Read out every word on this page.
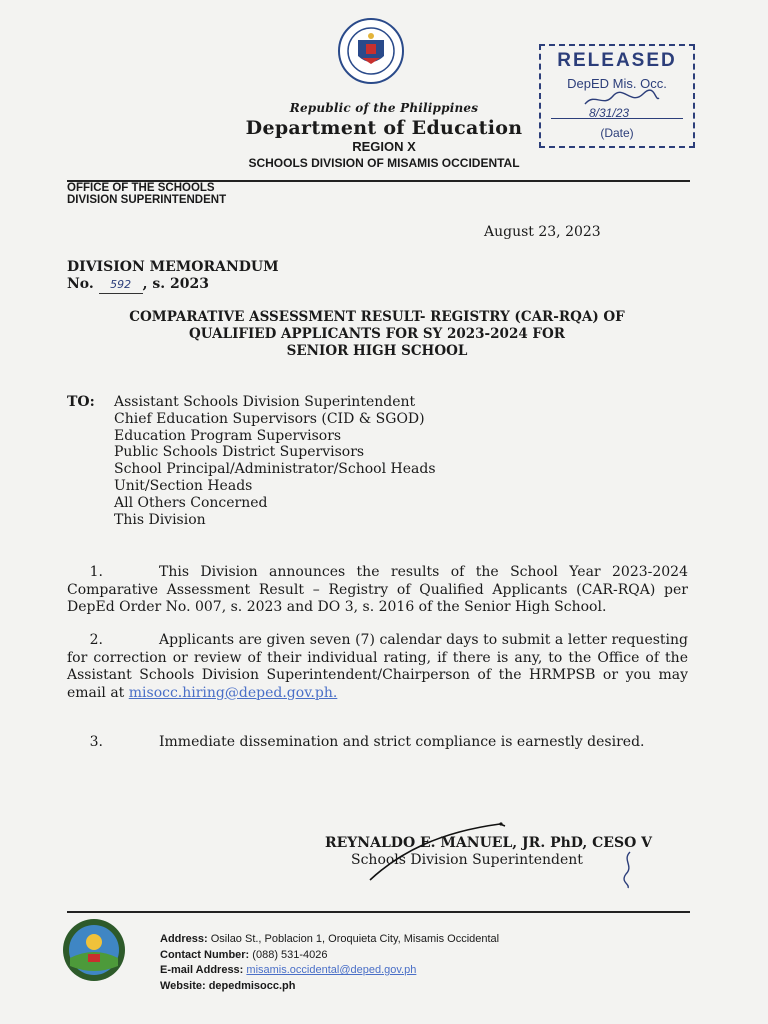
Republic of the Philippines
Department of Education
REGION X
SCHOOLS DIVISION OF MISAMIS OCCIDENTAL
RELEASED
DepED Mis. Occ.
8/31/23
(Date)
OFFICE OF THE SCHOOLS
DIVISION SUPERINTENDENT
August 23, 2023
DIVISION MEMORANDUM
No. 592 , s. 2023
COMPARATIVE ASSESSMENT RESULT- REGISTRY (CAR-RQA) OF
QUALIFIED APPLICANTS FOR SY 2023-2024 FOR
SENIOR HIGH SCHOOL
TO: Assistant Schools Division Superintendent
Chief Education Supervisors (CID & SGOD)
Education Program Supervisors
Public Schools District Supervisors
School Principal/Administrator/School Heads
Unit/Section Heads
All Others Concerned
This Division
1.	This Division announces the results of the School Year 2023-2024 Comparative Assessment Result – Registry of Qualified Applicants (CAR-RQA) per DepEd Order No. 007, s. 2023 and DO 3, s. 2016 of the Senior High School.
2.	Applicants are given seven (7) calendar days to submit a letter requesting for correction or review of their individual rating, if there is any, to the Office of the Assistant Schools Division Superintendent/Chairperson of the HRMPSB or you may email at misocc.hiring@deped.gov.ph.
3.	Immediate dissemination and strict compliance is earnestly desired.
REYNALDO E. MANUEL, JR. PhD, CESO V
Schools Division Superintendent
Address: Osilao St., Poblacion 1, Oroquieta City, Misamis Occidental
Contact Number: (088) 531-4026
E-mail Address: misamis.occidental@deped.gov.ph
Website: depedmisocc.ph
